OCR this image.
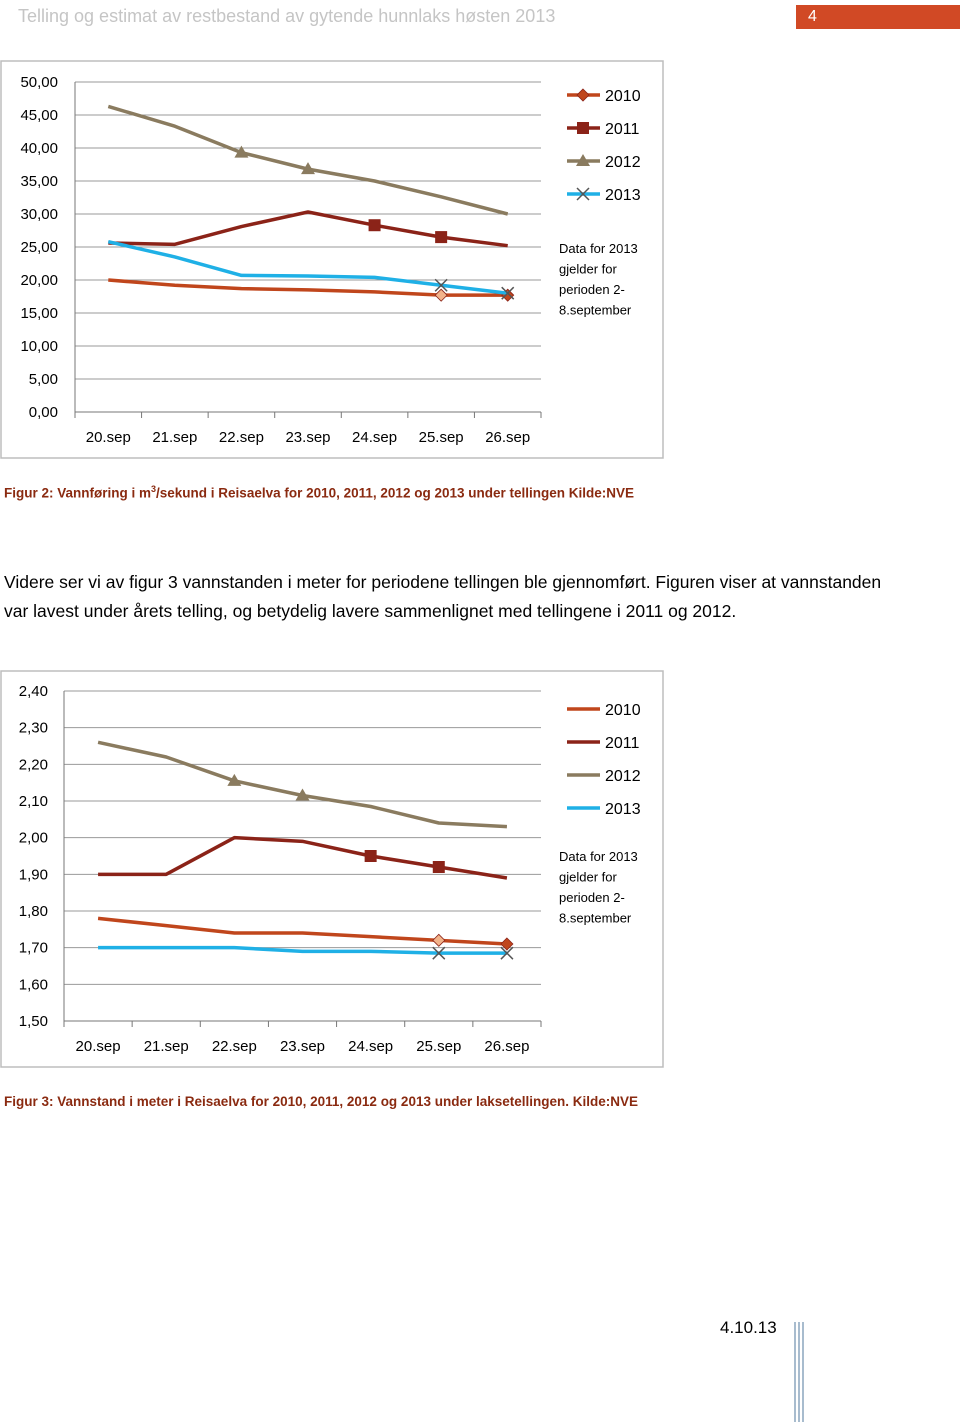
Telling og estimat av restbestand av gytende hunnlaks høsten 2013	4
0,00
5,00
10,00
15,00
20,00
25,00
30,00
35,00
40,00
45,00
50,00
20.sep 21.sep 22.sep 23.sep 24.sep 25.sep 26.sep
2010
2011
2012
2013
Data for 2013
gjelder for
perioden 2-
8.september
Figur 2: Vannføring i $m^3$/sekund i Reisaelva for 2010, 2011, 2012 og 2013 under tellingen Kilde:NVE
Videre ser vi av figur 3 vannstanden i meter for periodene tellingen ble gjennomført. Figuren viser at vannstanden var lavest under årets telling, og betydelig lavere sammenlignet med tellingene i 2011 og 2012.
1,50
1,60
1,70
1,80
1,90
2,00
2,10
2,20
2,30
2,40
20.sep 21.sep 22.sep 23.sep 24.sep 25.sep 26.sep
2010
2011
2012
2013
Data for 2013
gjelder for
perioden 2-
8.september
Figur 3: Vannstand i meter i Reisaelva for 2010, 2011, 2012 og 2013 under laksetellingen. Kilde:NVE
4.10.13
